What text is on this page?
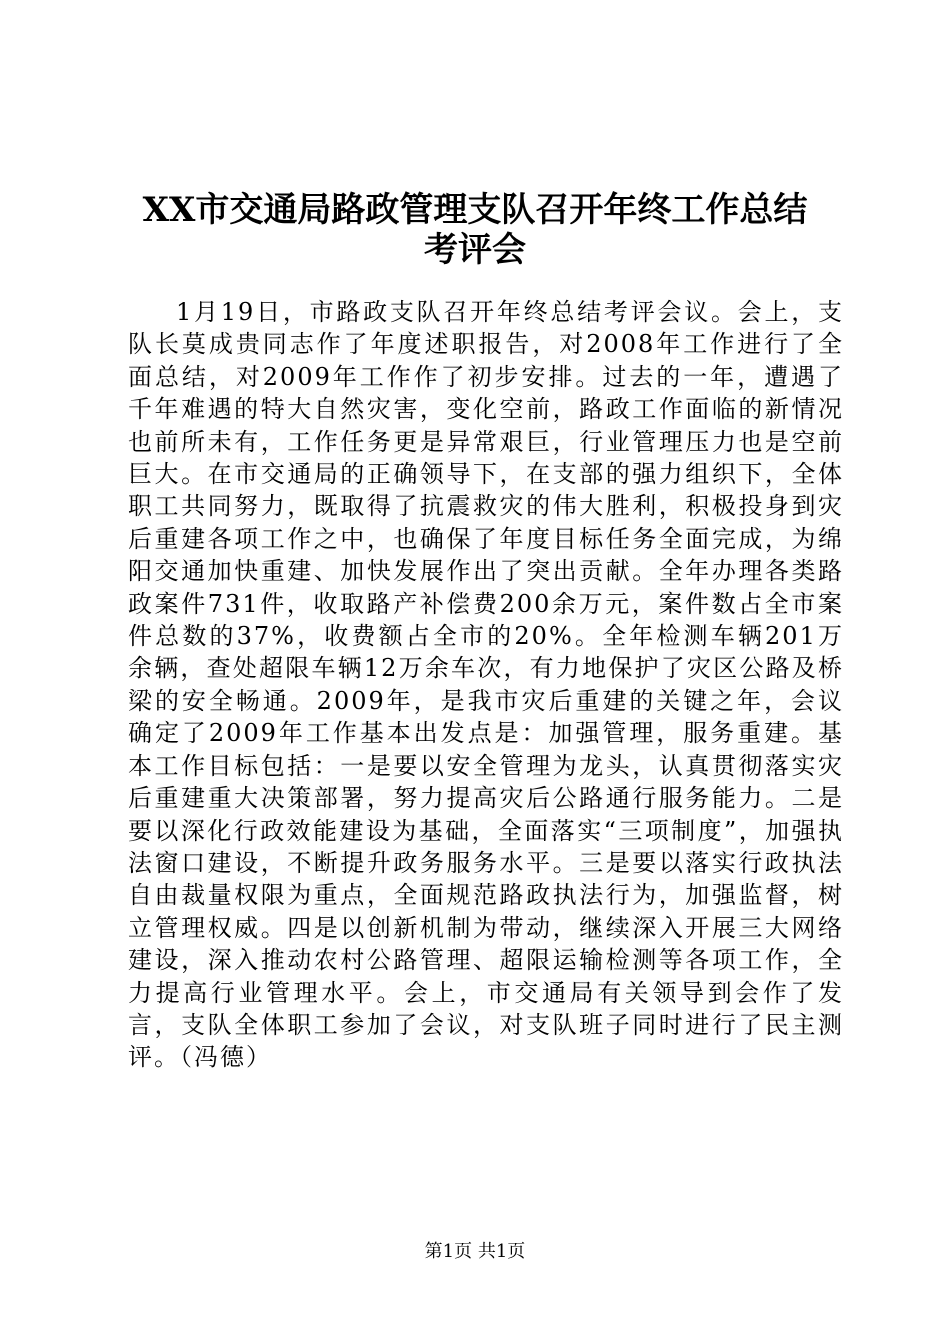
XX市交通局路政管理支队召开年终工作总结
考评会

1月19日，市路政支队召开年终总结考评会议。会上，支队长莫成贵同志作了年度述职报告，对2008年工作进行了全面总结，对2009年工作作了初步安排。过去的一年，遭遇了千年难遇的特大自然灾害，变化空前，路政工作面临的新情况也前所未有，工作任务更是异常艰巨，行业管理压力也是空前巨大。在市交通局的正确领导下，在支部的强力组织下，全体职工共同努力，既取得了抗震救灾的伟大胜利，积极投身到灾后重建各项工作之中，也确保了年度目标任务全面完成，为绵阳交通加快重建、加快发展作出了突出贡献。全年办理各类路政案件731件，收取路产补偿费200余万元，案件数占全市案件总数的37%，收费额占全市的20%。全年检测车辆201万余辆，查处超限车辆12万余车次，有力地保护了灾区公路及桥梁的安全畅通。2009年，是我市灾后重建的关键之年，会议确定了2009年工作基本出发点是：加强管理，服务重建。基本工作目标包括：一是要以安全管理为龙头，认真贯彻落实灾后重建重大决策部署，努力提高灾后公路通行服务能力。二是要以深化行政效能建设为基础，全面落实“三项制度”，加强执法窗口建设，不断提升政务服务水平。三是要以落实行政执法自由裁量权限为重点，全面规范路政执法行为，加强监督，树立管理权威。四是以创新机制为带动，继续深入开展三大网络建设，深入推动农村公路管理、超限运输检测等各项工作，全力提高行业管理水平。会上，市交通局有关领导到会作了发言，支队全体职工参加了会议，对支队班子同时进行了民主测评。（冯德）

第1页 共1页
